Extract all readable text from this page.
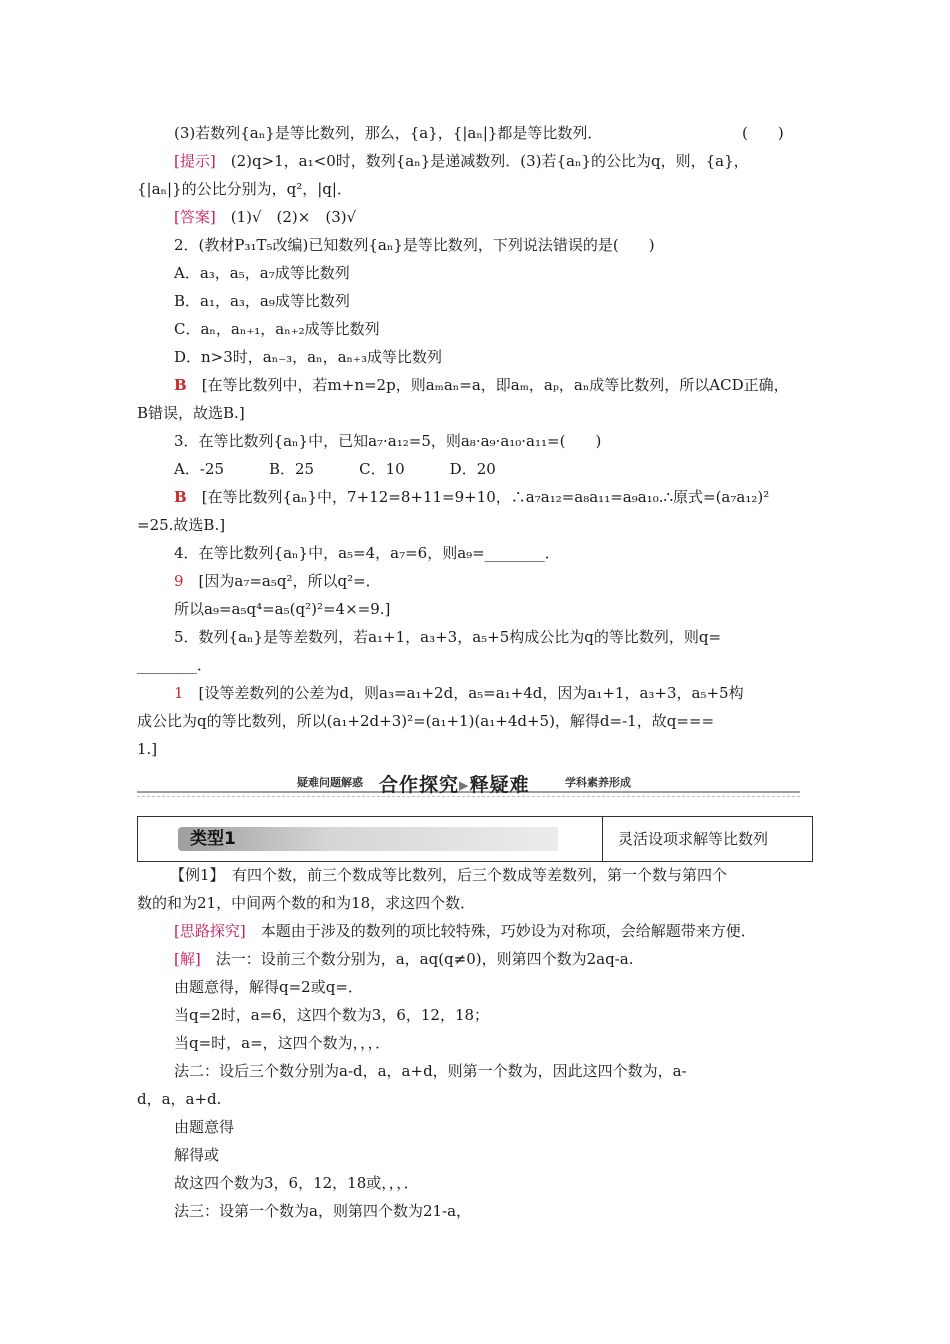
(3)若数列{aₙ}是等比数列，那么，{a}，{|aₙ|}都是等比数列．	(　　)
[提示]　(2)q>1，a₁<0时，数列{aₙ}是递减数列．(3)若{aₙ}的公比为q，则，{a}，
{|aₙ|}的公比分别为，q²，|q|．
[答案]　(1)√　(2)×　(3)√
2．(教材P₃₁T₅改编)已知数列{aₙ}是等比数列，下列说法错误的是(　　)
A．a₃，a₅，a₇成等比数列
B．a₁，a₃，a₉成等比数列
C．aₙ，aₙ₊₁，aₙ₊₂成等比数列
D．n>3时，aₙ₋₃，aₙ，aₙ₊₃成等比数列
B　[在等比数列中，若m+n=2p，则aₘaₙ=a，即aₘ，aₚ，aₙ成等比数列，所以ACD正确，
B错误，故选B.]
3．在等比数列{aₙ}中，已知a₇·a₁₂=5，则a₈·a₉·a₁₀·a₁₁=(　　)
A．-25　　　B．25　　　C．10　　　D．20
B　[在等比数列{aₙ}中，7+12=8+11=9+10，∴a₇a₁₂=a₈a₁₁=a₉a₁₀.∴原式=(a₇a₁₂)²
=25.故选B.]
4．在等比数列{aₙ}中，a₅=4，a₇=6，则a₉=________．
9　[因为a₇=a₅q²，所以q²=．
所以a₉=a₅q⁴=a₅(q²)²=4×=9.]
5．数列{aₙ}是等差数列，若a₁+1，a₃+3，a₅+5构成公比为q的等比数列，则q=
________．
1　[设等差数列的公差为d，则a₃=a₁+2d，a₅=a₁+4d，因为a₁+1，a₃+3，a₅+5构
成公比为q的等比数列，所以(a₁+2d+3)²=(a₁+1)(a₁+4d+5)，解得d=-1，故q===
1.]
疑难问题解惑 合作探究▸释疑难	学科素养形成
类型1	灵活设项求解等比数列
【例1】　有四个数，前三个数成等比数列，后三个数成等差数列，第一个数与第四个
数的和为21，中间两个数的和为18，求这四个数．
[思路探究]　本题由于涉及的数列的项比较特殊，巧妙设为对称项，会给解题带来方便．
[解]　法一：设前三个数分别为，a，aq(q≠0)，则第四个数为2aq-a.
由题意得，解得q=2或q=．
当q=2时，a=6，这四个数为3，6，12，18；
当q=时，a=，这四个数为，，，．
法二：设后三个数分别为a-d，a，a+d，则第一个数为，因此这四个数为，a-
d，a，a+d.
由题意得
解得或
故这四个数为3，6，12，18或，，，．
法三：设第一个数为a，则第四个数为21-a，
